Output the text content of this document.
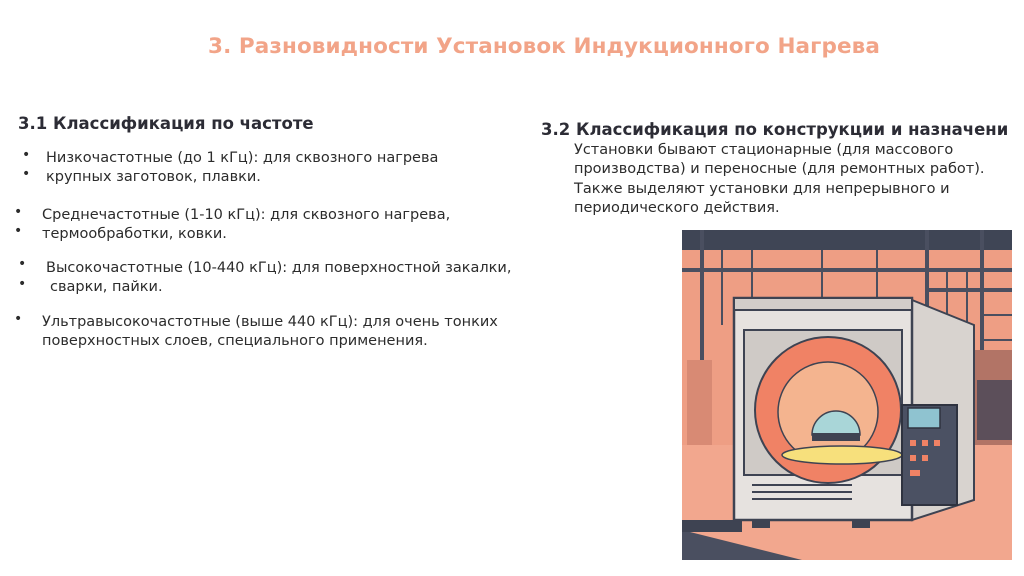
3. Разновидности Установок Индукционного Нагрева
3.1 Классификация по частоте
• Низкочастотные (до 1 кГц): для сквозного нагрева
• крупных заготовок, плавки.
• Среднечастотные (1-10 кГц): для сквозного нагрева,
• термообработки, ковки.
• Высокочастотные (10-440 кГц): для поверхностной закалки,
• сварки, пайки.
• Ультравысокочастотные (выше 440 кГц): для очень тонких
поверхностных слоев, специального применения.
3.2 Классификация по конструкции и назначени
Установки бывают стационарные (для массового
производства) и переносные (для ремонтных работ).
Также выделяют установки для непрерывного и
периодического действия.
